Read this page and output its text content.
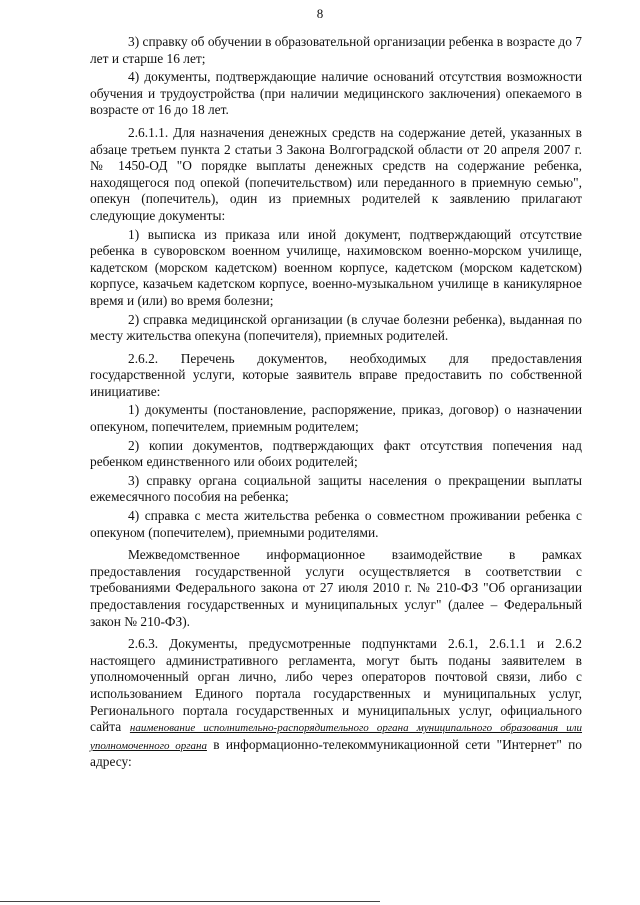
8

3) справку об обучении в образовательной организации ребенка в возрасте до 7 лет и старше 16 лет;

4) документы, подтверждающие наличие оснований отсутствия возможности обучения и трудоустройства (при наличии медицинского заключения) опекаемого в возрасте от 16 до 18 лет.

2.6.1.1. Для назначения денежных средств на содержание детей, указанных в абзаце третьем пункта 2 статьи 3 Закона Волгоградской области от 20 апреля 2007 г. № 1450-ОД "О порядке выплаты денежных средств на содержание ребенка, находящегося под опекой (попечительством) или переданного в приемную семью", опекун (попечитель), один из приемных родителей к заявлению прилагают следующие документы:

1) выписка из приказа или иной документ, подтверждающий отсутствие ребенка в суворовском военном училище, нахимовском военно-морском училище, кадетском (морском кадетском) военном корпусе, кадетском (морском кадетском) корпусе, казачьем кадетском корпусе, военно-музыкальном училище в каникулярное время и (или) во время болезни;

2) справка медицинской организации (в случае болезни ребенка), выданная по месту жительства опекуна (попечителя), приемных родителей.

2.6.2. Перечень документов, необходимых для предоставления государственной услуги, которые заявитель вправе предоставить по собственной инициативе:

1) документы (постановление, распоряжение, приказ, договор) о назначении опекуном, попечителем, приемным родителем;

2) копии документов, подтверждающих факт отсутствия попечения над ребенком единственного или обоих родителей;

3) справку органа социальной защиты населения о прекращении выплаты ежемесячного пособия на ребенка;

4) справка с места жительства ребенка о совместном проживании ребенка с опекуном (попечителем), приемными родителями.

Межведомственное информационное взаимодействие в рамках предоставления государственной услуги осуществляется в соответствии с требованиями Федерального закона от 27 июля 2010 г. № 210-ФЗ "Об организации предоставления государственных и муниципальных услуг" (далее – Федеральный закон № 210-ФЗ).

2.6.3. Документы, предусмотренные подпунктами 2.6.1, 2.6.1.1 и 2.6.2 настоящего административного регламента, могут быть поданы заявителем в уполномоченный орган лично, либо через операторов почтовой связи, либо с использованием Единого портала государственных и муниципальных услуг, Регионального портала государственных и муниципальных услуг, официального сайта наименование исполнительно-распорядительного органа муниципального образования или уполномоченного органа в информационно-телекоммуникационной сети "Интернет" по адресу:
